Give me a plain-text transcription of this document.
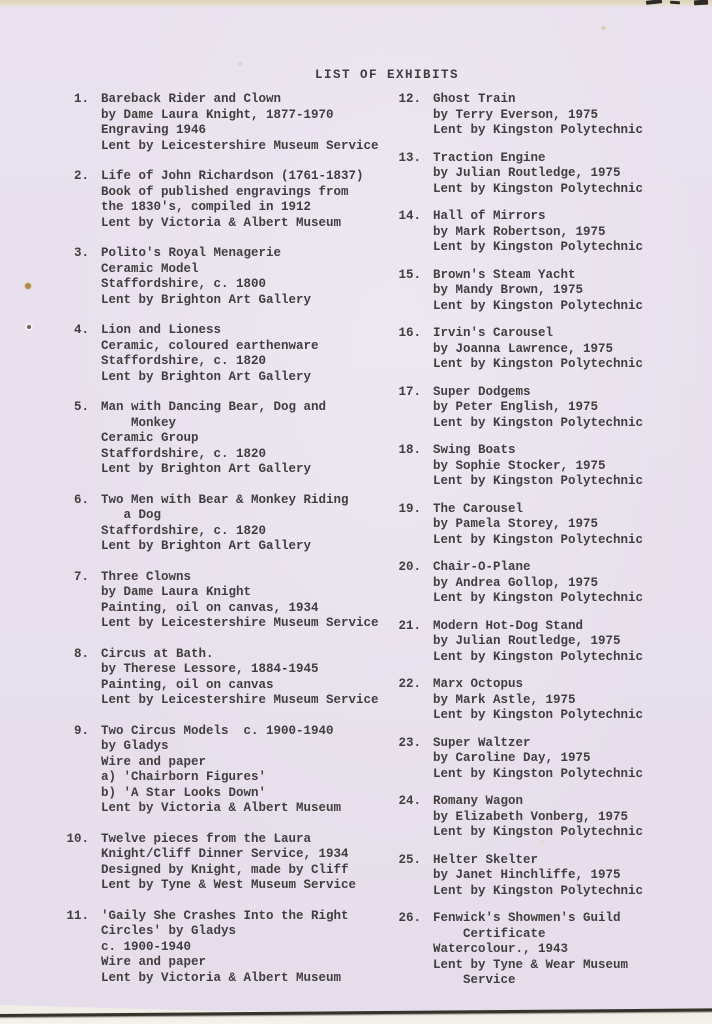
LIST OF EXHIBITS
1. Bareback Rider and Clown
by Dame Laura Knight, 1877-1970
Engraving 1946
Lent by Leicestershire Museum Service
2. Life of John Richardson (1761-1837)
Book of published engravings from
the 1830's, compiled in 1912
Lent by Victoria & Albert Museum
3. Polito's Royal Menagerie
Ceramic Model
Staffordshire, c. 1800
Lent by Brighton Art Gallery
4. Lion and Lioness
Ceramic, coloured earthenware
Staffordshire, c. 1820
Lent by Brighton Art Gallery
5. Man with Dancing Bear, Dog and
Monkey
Ceramic Group
Staffordshire, c. 1820
Lent by Brighton Art Gallery
6. Two Men with Bear & Monkey Riding
a Dog
Staffordshire, c. 1820
Lent by Brighton Art Gallery
7. Three Clowns
by Dame Laura Knight
Painting, oil on canvas, 1934
Lent by Leicestershire Museum Service
8. Circus at Bath.
by Therese Lessore, 1884-1945
Painting, oil on canvas
Lent by Leicestershire Museum Service
9. Two Circus Models  c. 1900-1940
by Gladys
Wire and paper
a) 'Chairborn Figures'
b) 'A Star Looks Down'
Lent by Victoria & Albert Museum
10. Twelve pieces from the Laura
Knight/Cliff Dinner Service, 1934
Designed by Knight, made by Cliff
Lent by Tyne & West Museum Service
11. 'Gaily She Crashes Into the Right
Circles' by Gladys
c. 1900-1940
Wire and paper
Lent by Victoria & Albert Museum
12. Ghost Train
by Terry Everson, 1975
Lent by Kingston Polytechnic
13. Traction Engine
by Julian Routledge, 1975
Lent by Kingston Polytechnic
14. Hall of Mirrors
by Mark Robertson, 1975
Lent by Kingston Polytechnic
15. Brown's Steam Yacht
by Mandy Brown, 1975
Lent by Kingston Polytechnic
16. Irvin's Carousel
by Joanna Lawrence, 1975
Lent by Kingston Polytechnic
17. Super Dodgems
by Peter English, 1975
Lent by Kingston Polytechnic
18. Swing Boats
by Sophie Stocker, 1975
Lent by Kingston Polytechnic
19. The Carousel
by Pamela Storey, 1975
Lent by Kingston Polytechnic
20. Chair-O-Plane
by Andrea Gollop, 1975
Lent by Kingston Polytechnic
21. Modern Hot-Dog Stand
by Julian Routledge, 1975
Lent by Kingston Polytechnic
22. Marx Octopus
by Mark Astle, 1975
Lent by Kingston Polytechnic
23. Super Waltzer
by Caroline Day, 1975
Lent by Kingston Polytechnic
24. Romany Wagon
by Elizabeth Vonberg, 1975
Lent by Kingston Polytechnic
25. Helter Skelter
by Janet Hinchliffe, 1975
Lent by Kingston Polytechnic
26. Fenwick's Showmen's Guild
Certificate
Watercolour., 1943
Lent by Tyne & Wear Museum
Service
